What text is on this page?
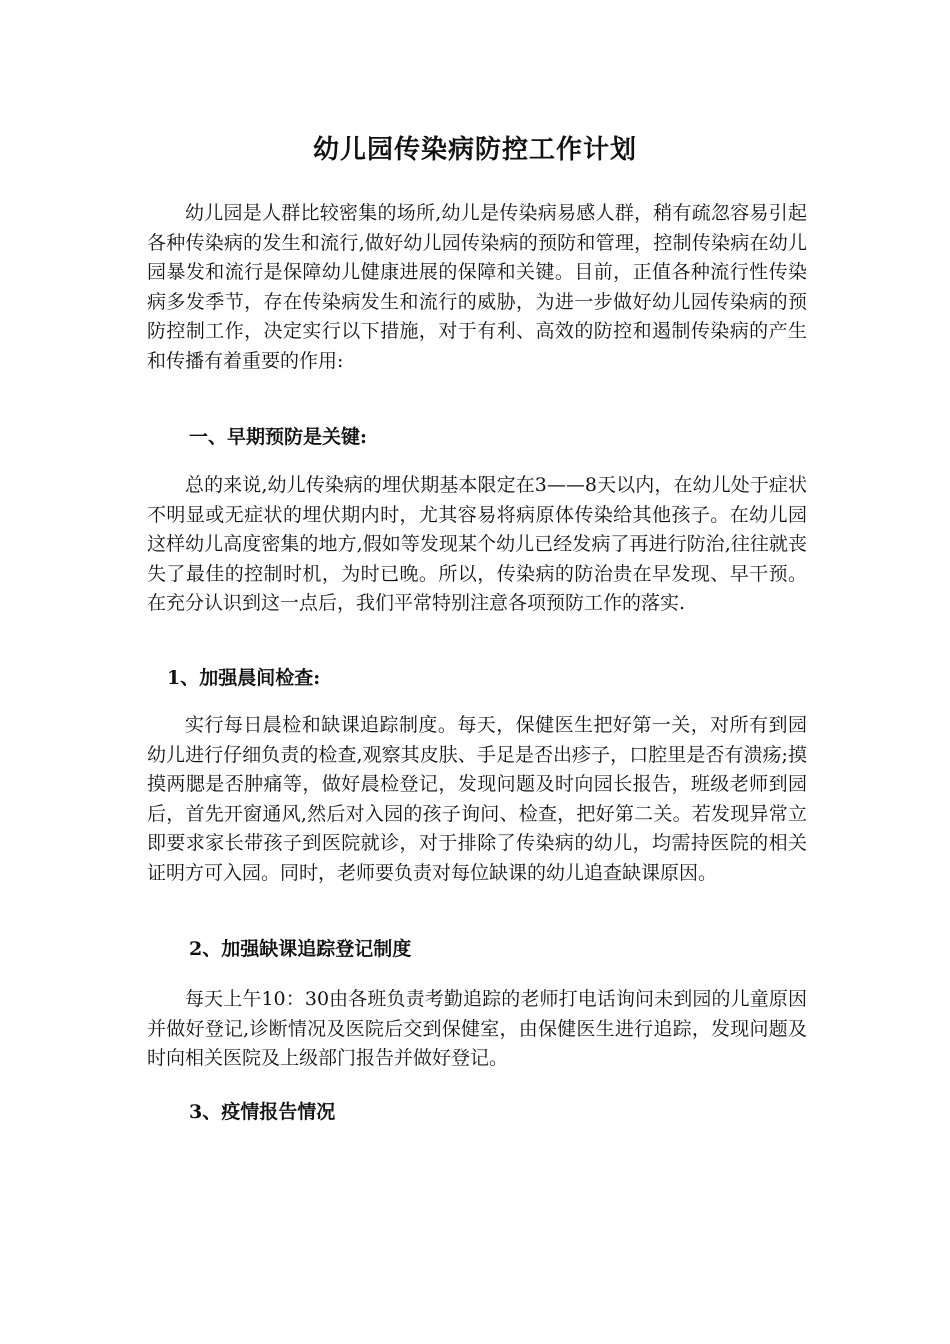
幼儿园传染病防控工作计划

幼儿园是人群比较密集的场所,幼儿是传染病易感人群，稍有疏忽容易引起各种传染病的发生和流行,做好幼儿园传染病的预防和管理，控制传染病在幼儿园暴发和流行是保障幼儿健康进展的保障和关键。目前，正值各种流行性传染病多发季节，存在传染病发生和流行的威胁，为进一步做好幼儿园传染病的预防控制工作，决定实行以下措施，对于有利、高效的防控和遏制传染病的产生和传播有着重要的作用:

一、早期预防是关键:

总的来说,幼儿传染病的埋伏期基本限定在3——8天以内，在幼儿处于症状不明显或无症状的埋伏期内时，尤其容易将病原体传染给其他孩子。在幼儿园这样幼儿高度密集的地方,假如等发现某个幼儿已经发病了再进行防治,往往就丧失了最佳的控制时机，为时已晚。所以，传染病的防治贵在早发现、早干预。在充分认识到这一点后，我们平常特别注意各项预防工作的落实.

1、加强晨间检查:

实行每日晨检和缺课追踪制度。每天，保健医生把好第一关，对所有到园幼儿进行仔细负责的检查,观察其皮肤、手足是否出疹子，口腔里是否有溃疡;摸摸两腮是否肿痛等，做好晨检登记，发现问题及时向园长报告，班级老师到园后，首先开窗通风,然后对入园的孩子询问、检查，把好第二关。若发现异常立即要求家长带孩子到医院就诊，对于排除了传染病的幼儿，均需持医院的相关证明方可入园。同时，老师要负责对每位缺课的幼儿追查缺课原因。

2、加强缺课追踪登记制度

每天上午10：30由各班负责考勤追踪的老师打电话询问未到园的儿童原因并做好登记,诊断情况及医院后交到保健室，由保健医生进行追踪，发现问题及时向相关医院及上级部门报告并做好登记。

3、疫情报告情况
